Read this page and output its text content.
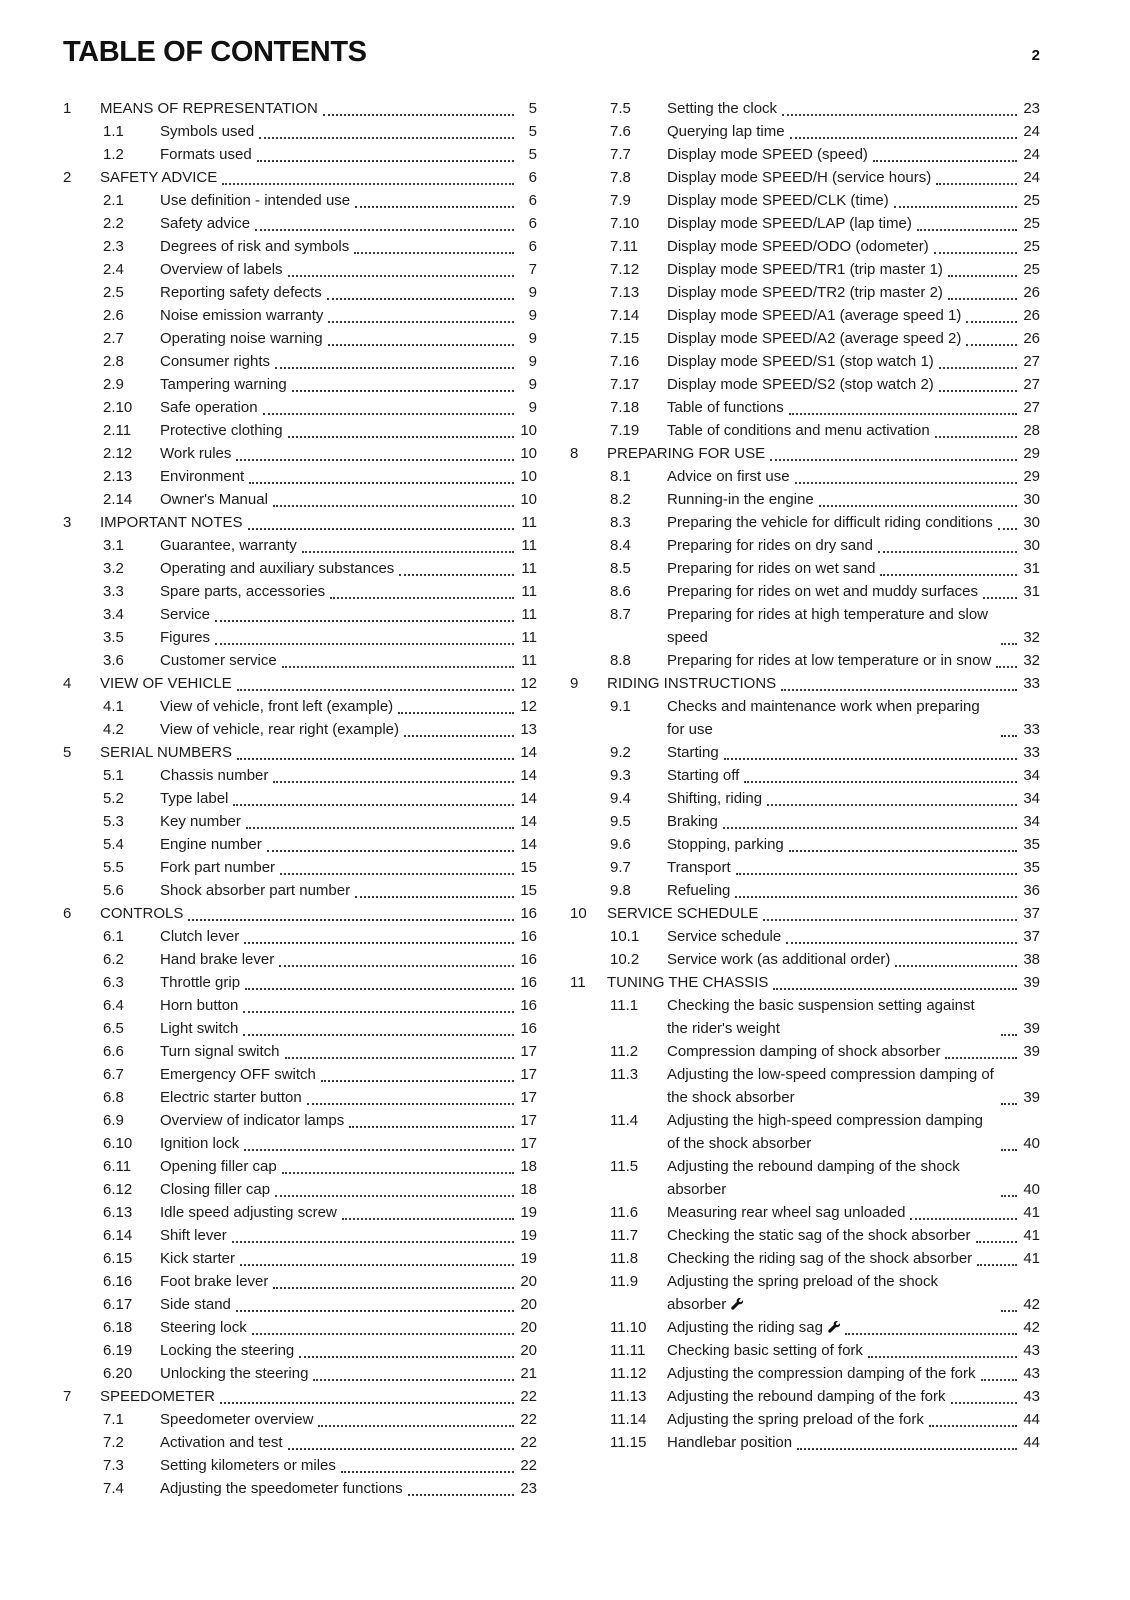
TABLE OF CONTENTS	2
1	MEANS OF REPRESENTATION	5
1.1	Symbols used	5
1.2	Formats used	5
2	SAFETY ADVICE	6
2.1	Use definition - intended use	6
2.2	Safety advice	6
2.3	Degrees of risk and symbols	6
2.4	Overview of labels	7
2.5	Reporting safety defects	9
2.6	Noise emission warranty	9
2.7	Operating noise warning	9
2.8	Consumer rights	9
2.9	Tampering warning	9
2.10	Safe operation	9
2.11	Protective clothing	10
2.12	Work rules	10
2.13	Environment	10
2.14	Owner's Manual	10
3	IMPORTANT NOTES	11
3.1	Guarantee, warranty	11
3.2	Operating and auxiliary substances	11
3.3	Spare parts, accessories	11
3.4	Service	11
3.5	Figures	11
3.6	Customer service	11
4	VIEW OF VEHICLE	12
4.1	View of vehicle, front left (example)	12
4.2	View of vehicle, rear right (example)	13
5	SERIAL NUMBERS	14
5.1	Chassis number	14
5.2	Type label	14
5.3	Key number	14
5.4	Engine number	14
5.5	Fork part number	15
5.6	Shock absorber part number	15
6	CONTROLS	16
6.1	Clutch lever	16
6.2	Hand brake lever	16
6.3	Throttle grip	16
6.4	Horn button	16
6.5	Light switch	16
6.6	Turn signal switch	17
6.7	Emergency OFF switch	17
6.8	Electric starter button	17
6.9	Overview of indicator lamps	17
6.10	Ignition lock	17
6.11	Opening filler cap	18
6.12	Closing filler cap	18
6.13	Idle speed adjusting screw	19
6.14	Shift lever	19
6.15	Kick starter	19
6.16	Foot brake lever	20
6.17	Side stand	20
6.18	Steering lock	20
6.19	Locking the steering	20
6.20	Unlocking the steering	21
7	SPEEDOMETER	22
7.1	Speedometer overview	22
7.2	Activation and test	22
7.3	Setting kilometers or miles	22
7.4	Adjusting the speedometer functions	23
7.5	Setting the clock	23
7.6	Querying lap time	24
7.7	Display mode SPEED (speed)	24
7.8	Display mode SPEED/H (service hours)	24
7.9	Display mode SPEED/CLK (time)	25
7.10	Display mode SPEED/LAP (lap time)	25
7.11	Display mode SPEED/ODO (odometer)	25
7.12	Display mode SPEED/TR1 (trip master 1)	25
7.13	Display mode SPEED/TR2 (trip master 2)	26
7.14	Display mode SPEED/A1 (average speed 1)	26
7.15	Display mode SPEED/A2 (average speed 2)	26
7.16	Display mode SPEED/S1 (stop watch 1)	27
7.17	Display mode SPEED/S2 (stop watch 2)	27
7.18	Table of functions	27
7.19	Table of conditions and menu activation	28
8	PREPARING FOR USE	29
8.1	Advice on first use	29
8.2	Running-in the engine	30
8.3	Preparing the vehicle for difficult riding conditions 30
8.4	Preparing for rides on dry sand	30
8.5	Preparing for rides on wet sand	31
8.6	Preparing for rides on wet and muddy surfaces	31
8.7	Preparing for rides at high temperature and slow speed	32
8.8	Preparing for rides at low temperature or in snow 32
9	RIDING INSTRUCTIONS	33
9.1	Checks and maintenance work when preparing for use	33
9.2	Starting	33
9.3	Starting off	34
9.4	Shifting, riding	34
9.5	Braking	34
9.6	Stopping, parking	35
9.7	Transport	35
9.8	Refueling	36
10	SERVICE SCHEDULE	37
10.1	Service schedule	37
10.2	Service work (as additional order)	38
11	TUNING THE CHASSIS	39
11.1	Checking the basic suspension setting against the rider's weight	39
11.2	Compression damping of shock absorber	39
11.3	Adjusting the low-speed compression damping of the shock absorber	39
11.4	Adjusting the high-speed compression damping of the shock absorber	40
11.5	Adjusting the rebound damping of the shock absorber	40
11.6	Measuring rear wheel sag unloaded	41
11.7	Checking the static sag of the shock absorber	41
11.8	Checking the riding sag of the shock absorber	41
11.9	Adjusting the spring preload of the shock absorber	42
11.10	Adjusting the riding sag	42
11.11	Checking basic setting of fork	43
11.12	Adjusting the compression damping of the fork	43
11.13	Adjusting the rebound damping of the fork	43
11.14	Adjusting the spring preload of the fork	44
11.15	Handlebar position	44
